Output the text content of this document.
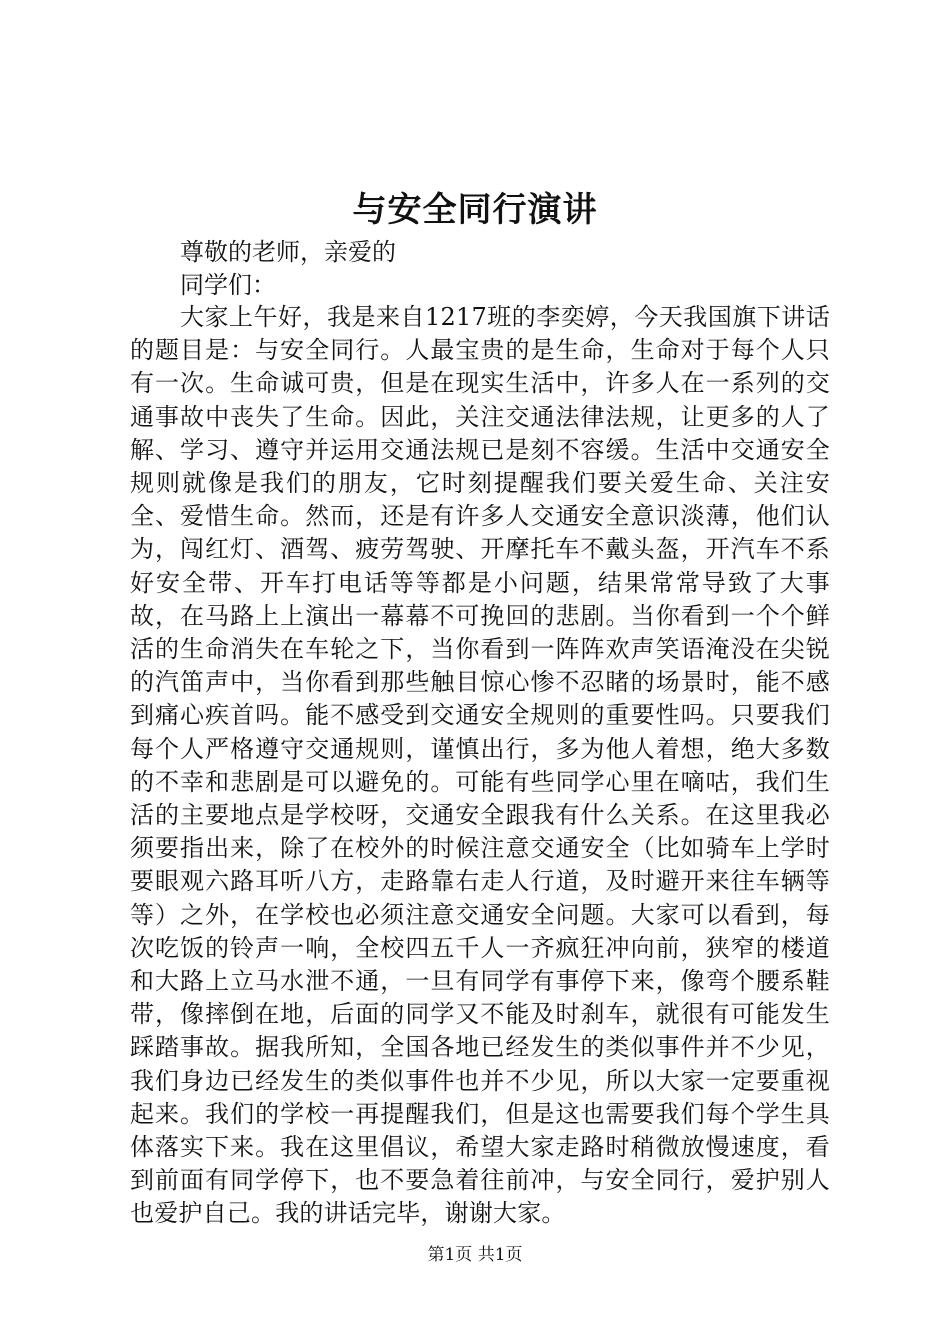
与安全同行演讲
尊敬的老师，亲爱的
同学们：

大家上午好，我是来自1217班的李奕婷，今天我国旗下讲话的题目是：与安全同行。人最宝贵的是生命，生命对于每个人只有一次。生命诚可贵，但是在现实生活中，许多人在一系列的交通事故中丧失了生命。因此，关注交通法律法规，让更多的人了解、学习、遵守并运用交通法规已是刻不容缓。生活中交通安全规则就像是我们的朋友，它时刻提醒我们要关爱生命、关注安全、爱惜生命。然而，还是有许多人交通安全意识淡薄，他们认为，闯红灯、酒驾、疲劳驾驶、开摩托车不戴头盔，开汽车不系好安全带、开车打电话等等都是小问题，结果常常导致了大事故，在马路上上演出一幕幕不可挽回的悲剧。当你看到一个个鲜活的生命消失在车轮之下，当你看到一阵阵欢声笑语淹没在尖锐的汽笛声中，当你看到那些触目惊心惨不忍睹的场景时，能不感到痛心疾首吗。能不感受到交通安全规则的重要性吗。只要我们每个人严格遵守交通规则，谨慎出行，多为他人着想，绝大多数的不幸和悲剧是可以避免的。可能有些同学心里在嘀咕，我们生活的主要地点是学校呀，交通安全跟我有什么关系。在这里我必须要指出来，除了在校外的时候注意交通安全（比如骑车上学时要眼观六路耳听八方，走路靠右走人行道，及时避开来往车辆等等）之外，在学校也必须注意交通安全问题。大家可以看到，每次吃饭的铃声一响，全校四五千人一齐疯狂冲向前，狭窄的楼道和大路上立马水泄不通，一旦有同学有事停下来，像弯个腰系鞋带，像摔倒在地，后面的同学又不能及时刹车，就很有可能发生踩踏事故。据我所知，全国各地已经发生的类似事件并不少见，我们身边已经发生的类似事件也并不少见，所以大家一定要重视起来。我们的学校一再提醒我们，但是这也需要我们每个学生具体落实下来。我在这里倡议，希望大家走路时稍微放慢速度，看到前面有同学停下，也不要急着往前冲，与安全同行，爱护别人也爱护自己。我的讲话完毕，谢谢大家。

第1页 共1页
